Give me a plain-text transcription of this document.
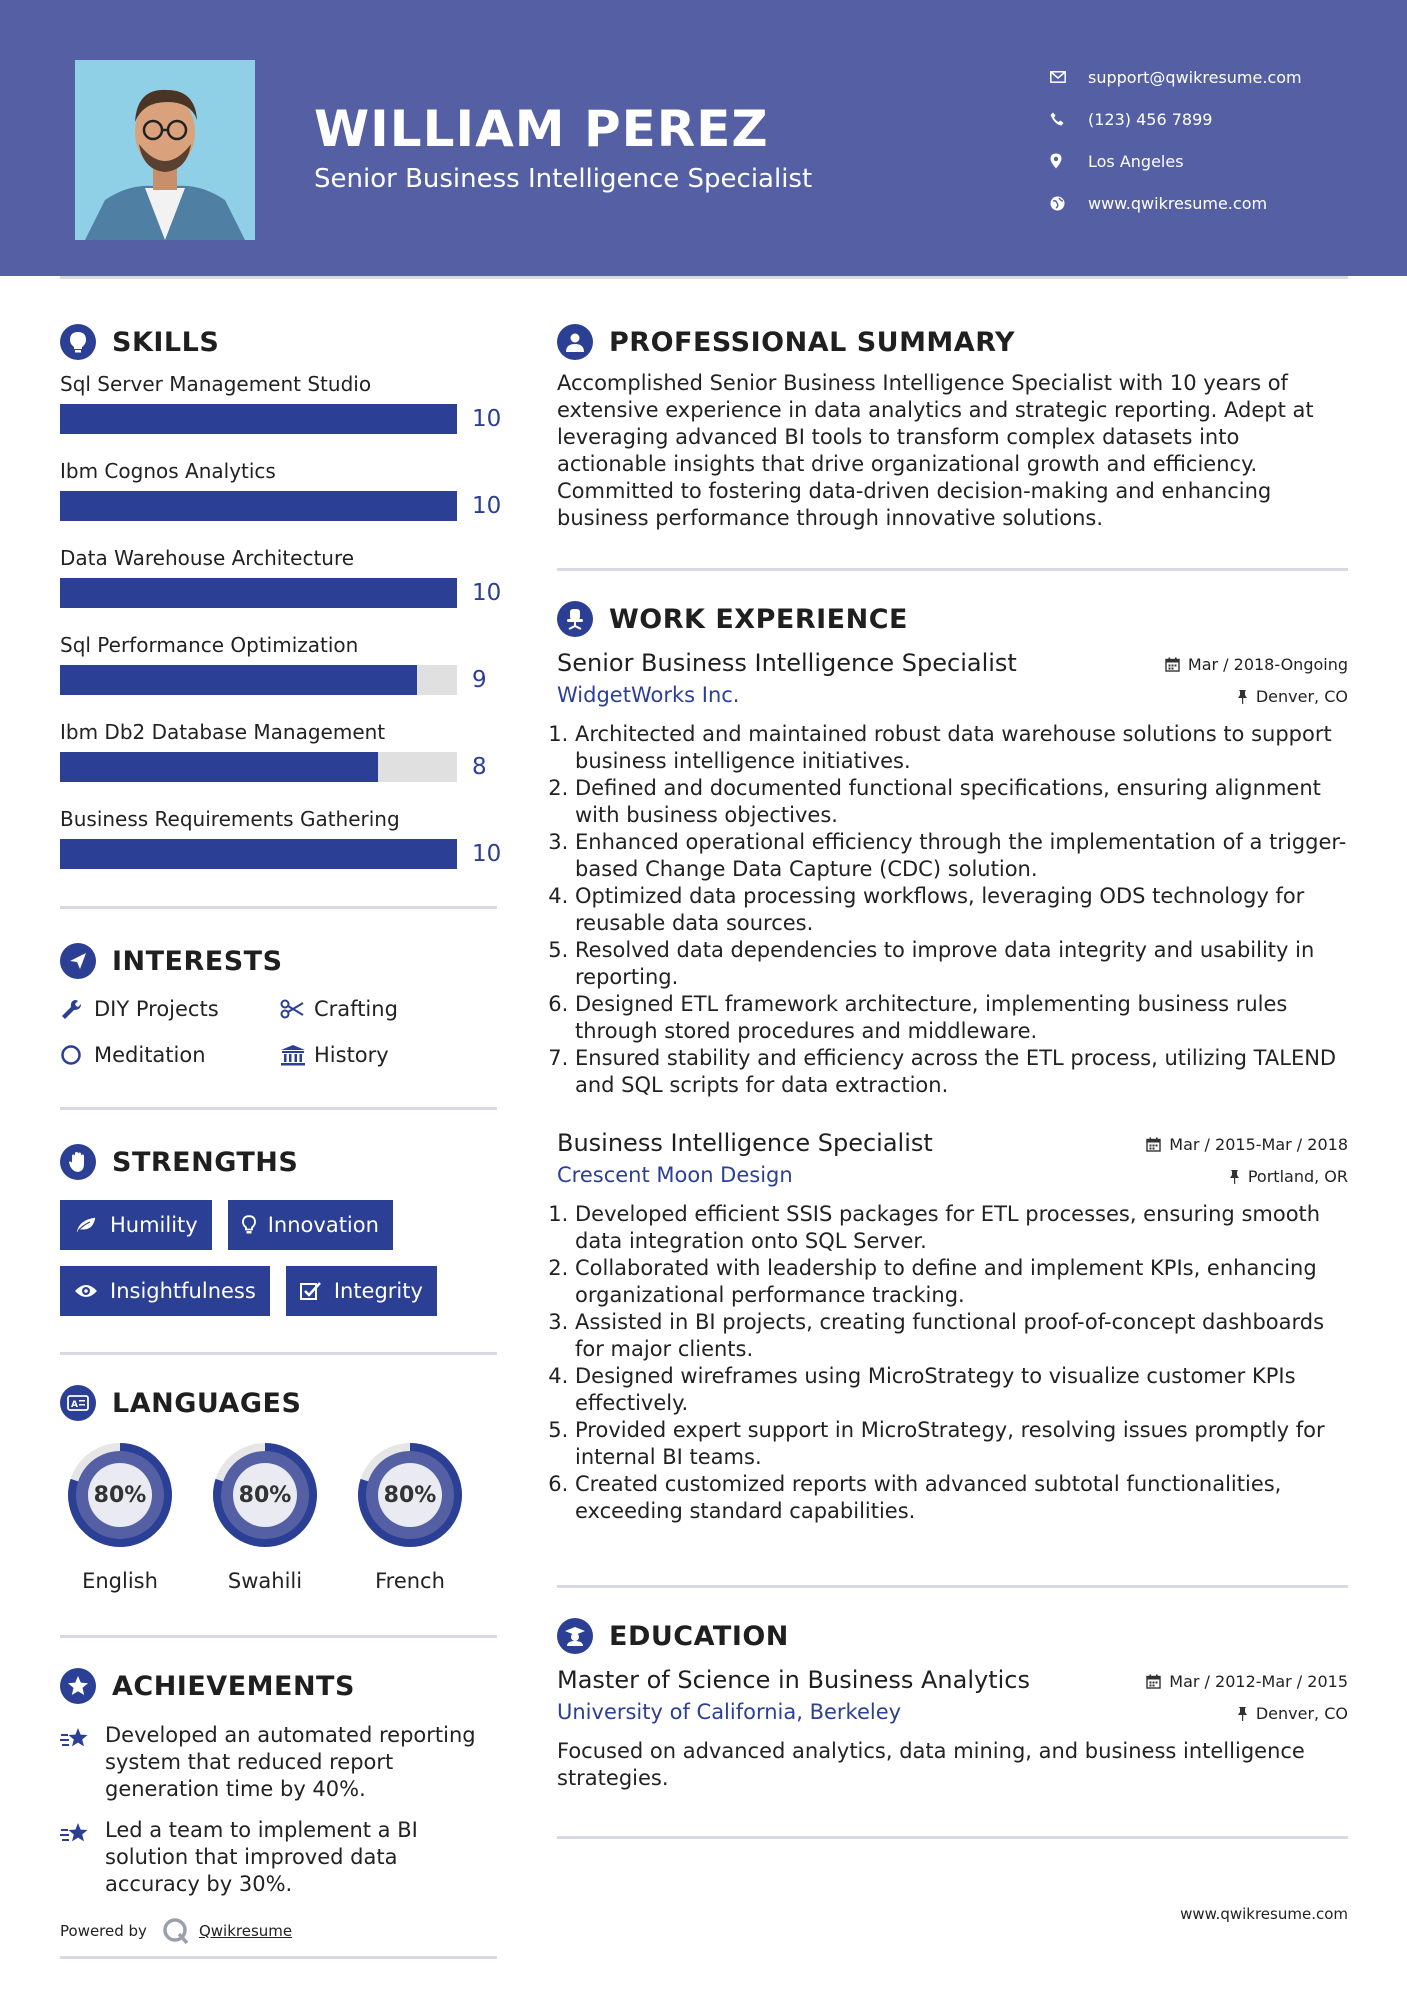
WILLIAM PEREZ
Senior Business Intelligence Specialist
support@qwikresume.com
(123) 456 7899
Los Angeles
www.qwikresume.com
SKILLS
Sql Server Management Studio
10
Ibm Cognos Analytics
10
Data Warehouse Architecture
10
Sql Performance Optimization
9
Ibm Db2 Database Management
8
Business Requirements Gathering
10
INTERESTS
DIY Projects	Crafting
Meditation	History
STRENGTHS
Humility	Innovation
Insightfulness	Integrity
A LANGUAGES
80%
English
80%
Swahili
80%
French
ACHIEVEMENTS
Developed an automated reporting system that reduced report generation time by 40%.
Led a team to implement a BI solution that improved data accuracy by 30%.
Powered by	Qwikresume
PROFESSIONAL SUMMARY
Accomplished Senior Business Intelligence Specialist with 10 years of extensive experience in data analytics and strategic reporting. Adept at leveraging advanced BI tools to transform complex datasets into actionable insights that drive organizational growth and efficiency. Committed to fostering data-driven decision-making and enhancing business performance through innovative solutions.
WORK EXPERIENCE
Senior Business Intelligence Specialist	Mar / 2018-Ongoing
WidgetWorks Inc.	Denver, CO
1. Architected and maintained robust data warehouse solutions to support business intelligence initiatives.
2. Defined and documented functional specifications, ensuring alignment with business objectives.
3. Enhanced operational efficiency through the implementation of a trigger-based Change Data Capture (CDC) solution.
4. Optimized data processing workflows, leveraging ODS technology for reusable data sources.
5. Resolved data dependencies to improve data integrity and usability in reporting.
6. Designed ETL framework architecture, implementing business rules through stored procedures and middleware.
7. Ensured stability and efficiency across the ETL process, utilizing TALEND and SQL scripts for data extraction.
Business Intelligence Specialist	Mar / 2015-Mar / 2018
Crescent Moon Design	Portland, OR
1. Developed efficient SSIS packages for ETL processes, ensuring smooth data integration onto SQL Server.
2. Collaborated with leadership to define and implement KPIs, enhancing organizational performance tracking.
3. Assisted in BI projects, creating functional proof-of-concept dashboards for major clients.
4. Designed wireframes using MicroStrategy to visualize customer KPIs effectively.
5. Provided expert support in MicroStrategy, resolving issues promptly for internal BI teams.
6. Created customized reports with advanced subtotal functionalities, exceeding standard capabilities.
EDUCATION
Master of Science in Business Analytics	Mar / 2012-Mar / 2015
University of California, Berkeley	Denver, CO
Focused on advanced analytics, data mining, and business intelligence strategies.
www.qwikresume.com
